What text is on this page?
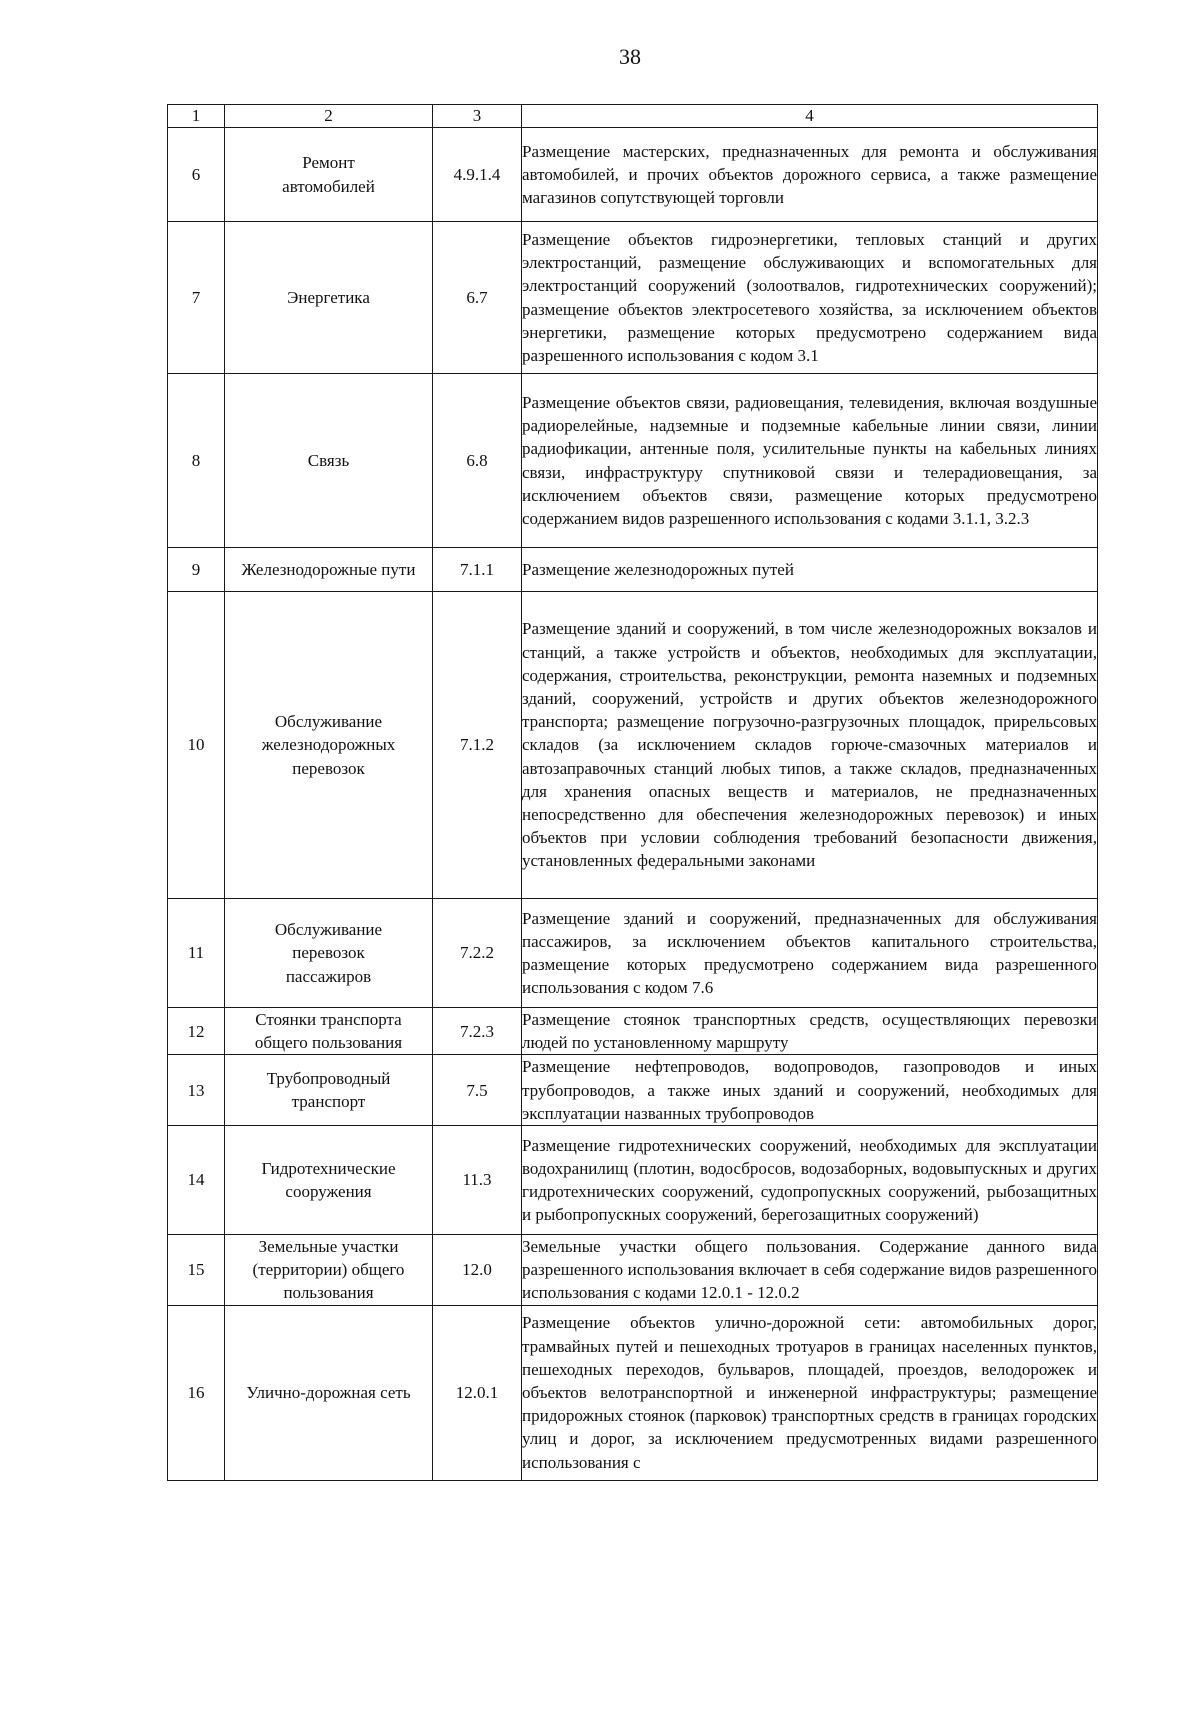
38
1	2	3	4
6	Ремонт автомобилей	4.9.1.4	Размещение мастерских, предназначенных для ремонта и обслуживания автомобилей, и прочих объектов дорожного сервиса, а также размещение магазинов сопутствующей торговли
7	Энергетика	6.7	Размещение объектов гидроэнергетики, тепловых станций и других электростанций, размещение обслуживающих и вспомогательных для электростанций сооружений (золоотвалов, гидротехнических сооружений); размещение объектов электросетевого хозяйства, за исключением объектов энергетики, размещение которых предусмотрено содержанием вида разрешенного использования с кодом 3.1
8	Связь	6.8	Размещение объектов связи, радиовещания, телевидения, включая воздушные радиорелейные, надземные и подземные кабельные линии связи, линии радиофикации, антенные поля, усилительные пункты на кабельных линиях связи, инфраструктуру спутниковой связи и телерадиовещания, за исключением объектов связи, размещение которых предусмотрено содержанием видов разрешенного использования с кодами 3.1.1, 3.2.3
9	Железнодорожные пути	7.1.1	Размещение железнодорожных путей
10	Обслуживание железнодорожных перевозок	7.1.2	Размещение зданий и сооружений, в том числе железнодорожных вокзалов и станций, а также устройств и объектов, необходимых для эксплуатации, содержания, строительства, реконструкции, ремонта наземных и подземных зданий, сооружений, устройств и других объектов железнодорожного транспорта; размещение погрузочно-разгрузочных площадок, прирельсовых складов (за исключением складов горюче-смазочных материалов и автозаправочных станций любых типов, а также складов, предназначенных для хранения опасных веществ и материалов, не предназначенных непосредственно для обеспечения железнодорожных перевозок) и иных объектов при условии соблюдения требований безопасности движения, установленных федеральными законами
11	Обслуживание перевозок пассажиров	7.2.2	Размещение зданий и сооружений, предназначенных для обслуживания пассажиров, за исключением объектов капитального строительства, размещение которых предусмотрено содержанием вида разрешенного использования с кодом 7.6
12	Стоянки транспорта общего пользования	7.2.3	Размещение стоянок транспортных средств, осуществляющих перевозки людей по установленному маршруту
13	Трубопроводный транспорт	7.5	Размещение нефтепроводов, водопроводов, газопроводов и иных трубопроводов, а также иных зданий и сооружений, необходимых для эксплуатации названных трубопроводов
14	Гидротехнические сооружения	11.3	Размещение гидротехнических сооружений, необходимых для эксплуатации водохранилищ (плотин, водосбросов, водозаборных, водовыпускных и других гидротехнических сооружений, судопропускных сооружений, рыбозащитных и рыбопропускных сооружений, берегозащитных сооружений)
15	Земельные участки (территории) общего пользования	12.0	Земельные участки общего пользования. Содержание данного вида разрешенного использования включает в себя содержание видов разрешенного использования с кодами 12.0.1 - 12.0.2
16	Улично-дорожная сеть	12.0.1	Размещение объектов улично-дорожной сети: автомобильных дорог, трамвайных путей и пешеходных тротуаров в границах населенных пунктов, пешеходных переходов, бульваров, площадей, проездов, велодорожек и объектов велотранспортной и инженерной инфраструктуры; размещение придорожных стоянок (парковок) транспортных средств в границах городских улиц и дорог, за исключением предусмотренных видами разрешенного использования с
